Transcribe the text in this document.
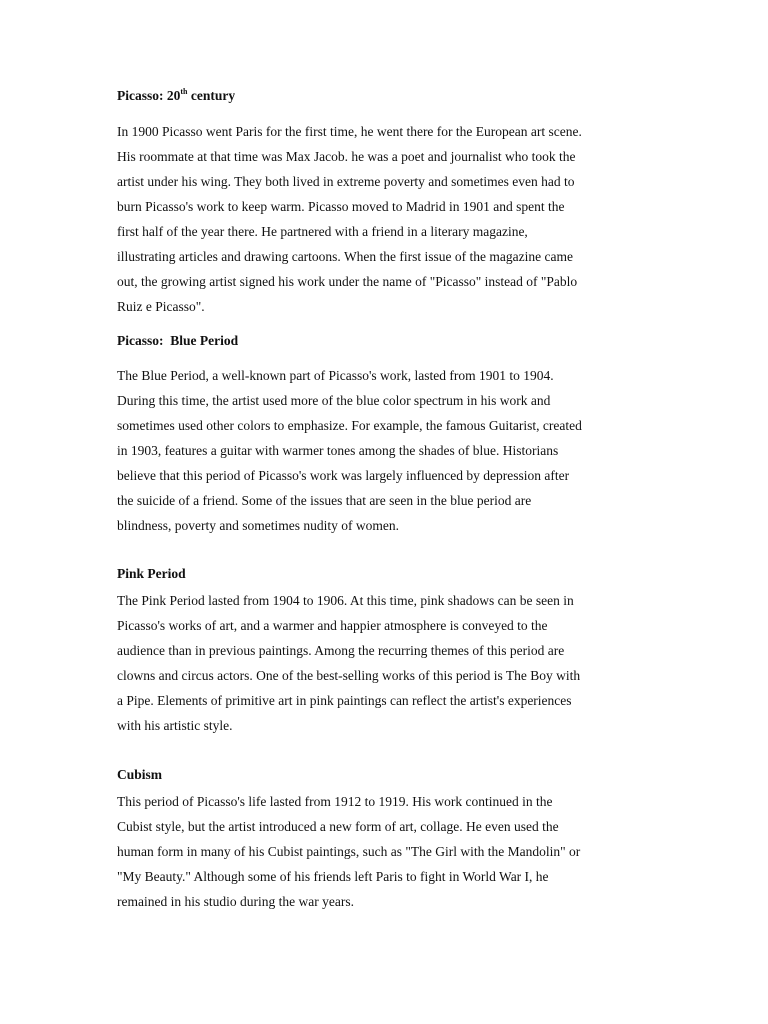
Picasso: 20th century

In 1900 Picasso went Paris for the first time, he went there for the European art scene.
His roommate at that time was Max Jacob. he was a poet and journalist who took the
artist under his wing. They both lived in extreme poverty and sometimes even had to
burn Picasso's work to keep warm. Picasso moved to Madrid in 1901 and spent the
first half of the year there. He partnered with a friend in a literary magazine,
illustrating articles and drawing cartoons. When the first issue of the magazine came
out, the growing artist signed his work under the name of "Picasso" instead of "Pablo
Ruiz e Picasso".

Picasso:  Blue Period

The Blue Period, a well-known part of Picasso's work, lasted from 1901 to 1904.
During this time, the artist used more of the blue color spectrum in his work and
sometimes used other colors to emphasize. For example, the famous Guitarist, created
in 1903, features a guitar with warmer tones among the shades of blue. Historians
believe that this period of Picasso's work was largely influenced by depression after
the suicide of a friend. Some of the issues that are seen in the blue period are
blindness, poverty and sometimes nudity of women.

Pink Period

The Pink Period lasted from 1904 to 1906. At this time, pink shadows can be seen in
Picasso's works of art, and a warmer and happier atmosphere is conveyed to the
audience than in previous paintings. Among the recurring themes of this period are
clowns and circus actors. One of the best-selling works of this period is The Boy with
a Pipe. Elements of primitive art in pink paintings can reflect the artist's experiences
with his artistic style.

Cubism

This period of Picasso's life lasted from 1912 to 1919. His work continued in the
Cubist style, but the artist introduced a new form of art, collage. He even used the
human form in many of his Cubist paintings, such as "The Girl with the Mandolin" or
"My Beauty." Although some of his friends left Paris to fight in World War I, he
remained in his studio during the war years.
